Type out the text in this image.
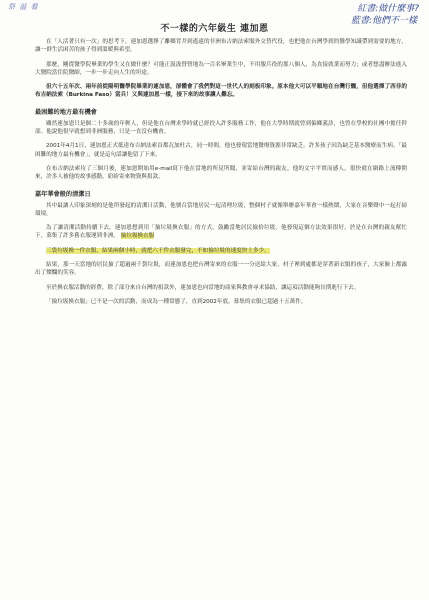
祭 溢 看	紅書:做什麼事?
藍書:他們不一樣
不一樣的六年級生 連加恩

在「人活著只有一次」的思考下，連加恩選擇了離鄉背井到遙遠的非洲布吉納法索服外交替代役，也把他在台灣學到的醫學知識帶到需要的地方，讓一群生活困苦的孩子得到溫暖與希望。

那麼，剛從醫學院畢業的學生又在做什麼？可能正汲汲營營地為一百名畢業生中，不用服兵役的那八個人，為直接就業而努力；或者想盡辦法進入大醫院當住院醫師，一步一步走向人生的坦途。

但六十五年次、兩年前從陽明醫學院畢業的連加恩，卻體會了我們對這一世代人的刻板印象。原本他大可以平順地在台灣行醫，但他選擇了西非的布吉納法索（Burkina Faso）當兵！又與連加恩一樣，接下來的故事讓人難忘。

最困難的地方最有機會

雖然連加恩只是個二十多歲的年輕人，但是他在台灣求學時就已經投入許多服務工作，他在大學時期就曾到偏鄉義診，也曾在學校的社團中擔任幹部。他說他很早就想到非洲服務，只是一直沒有機會。

2001年4月1日，連加恩正式抵達布吉納法索首都瓦加杜古，同一時間，他也發現當地醫療資源非常缺乏，許多孩子因為缺乏基本醫療而生病。「最困難的地方最有機會」，就是這句話讓他留了下來。

在布吉納法索待了三個月後，連加恩開始用e-mail寫下他在當地的所見所聞，並寄給台灣的親友。他的文字平實而感人，很快就在網路上流傳開來，許多人被他的故事感動，紛紛寄來物資與捐款。

嘉年華會般的清潔日

其中最讓人印象深刻的是他所發起的清潔日活動，他號召當地居民一起清理垃圾，整個村子就像舉辦嘉年華會一樣熱鬧，大家在音樂聲中一起打掃環境。

為了讓清潔活動持續下去，連加恩想到用「撿垃圾換衣服」的方式，鼓勵當地居民撿拾垃圾，他發現這個方法效果很好，於是在台灣的親友幫忙下，募集了許多舊衣服運到非洲。 撿垃圾換衣服

三袋垃圾換一件衣服，結果兩個小時，就把六千件衣服發完，不如撿垃圾的速度快上多少。

結果，那一天當地的居民撿了超過兩千袋垃圾，而連加恩也把台灣寄來的衣服一一分送給大家，村子裡到處都是穿著新衣服的孩子，大家臉上都露出了燦爛的笑容。

至於換衣服活動的經費，除了部分來自台灣的捐款外，連加恩也向當地的商家與教會尋求協助，讓這項活動能夠長期進行下去。

「撿垃圾換衣服」已不是一次的活動，而成為一種常態了，直到2002年底，募集的衣服已超過十五萬件。
